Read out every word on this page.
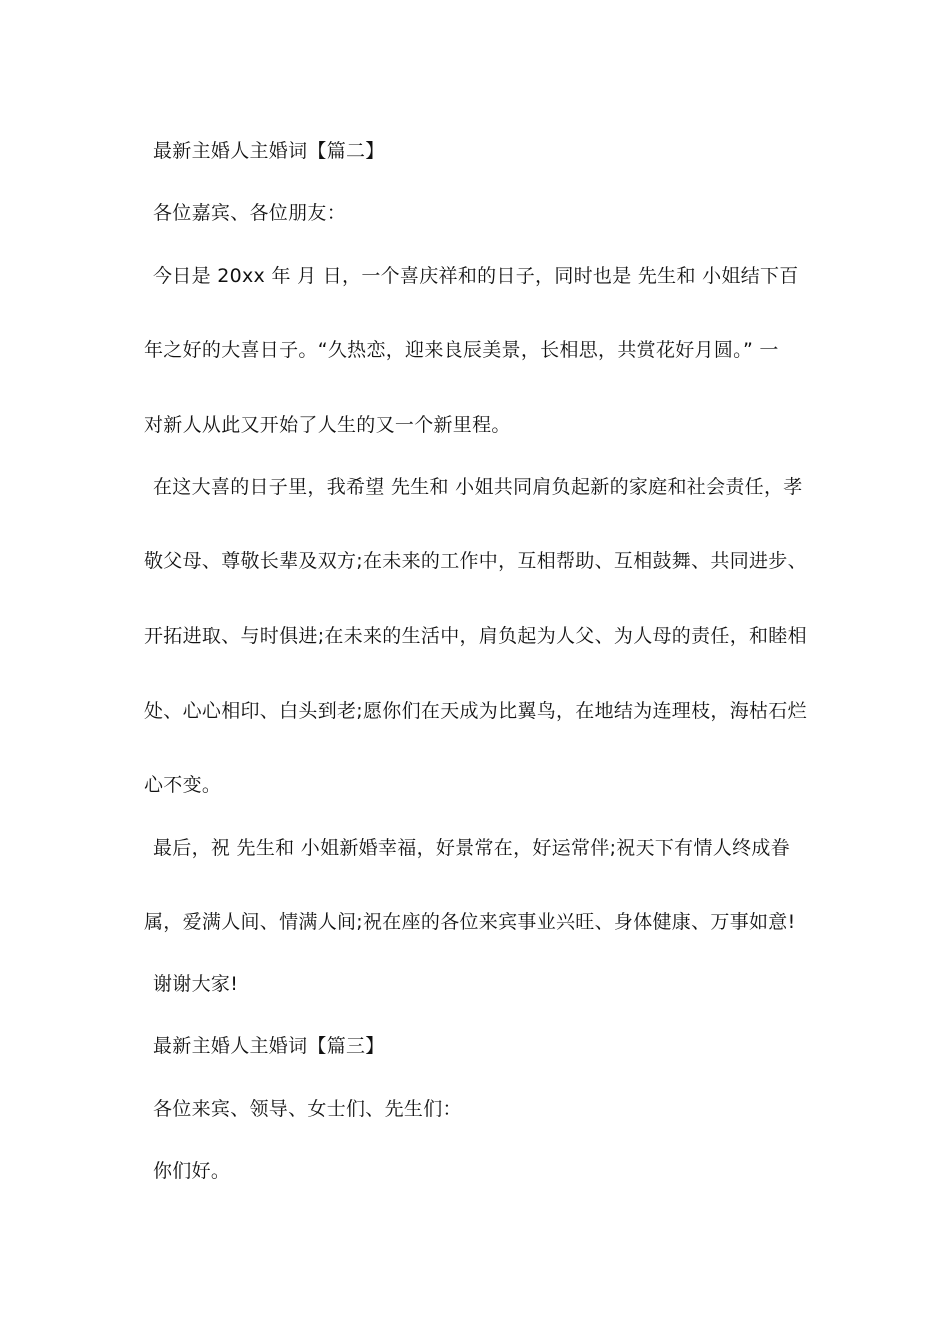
最新主婚人主婚词【篇二】
各位嘉宾、各位朋友：
今日是 20xx 年 月 日，一个喜庆祥和的日子，同时也是 先生和 小姐结下百
年之好的大喜日子。“久热恋，迎来良辰美景，长相思，共赏花好月圆。” 一
对新人从此又开始了人生的又一个新里程。
在这大喜的日子里，我希望 先生和 小姐共同肩负起新的家庭和社会责任，孝
敬父母、尊敬长辈及双方;在未来的工作中，互相帮助、互相鼓舞、共同进步、
开拓进取、与时俱进;在未来的生活中，肩负起为人父、为人母的责任，和睦相
处、心心相印、白头到老;愿你们在天成为比翼鸟，在地结为连理枝，海枯石烂
心不变。
最后，祝 先生和 小姐新婚幸福，好景常在，好运常伴;祝天下有情人终成眷
属，爱满人间、情满人间;祝在座的各位来宾事业兴旺、身体健康、万事如意!
谢谢大家!
最新主婚人主婚词【篇三】
各位来宾、领导、女士们、先生们：
你们好。
